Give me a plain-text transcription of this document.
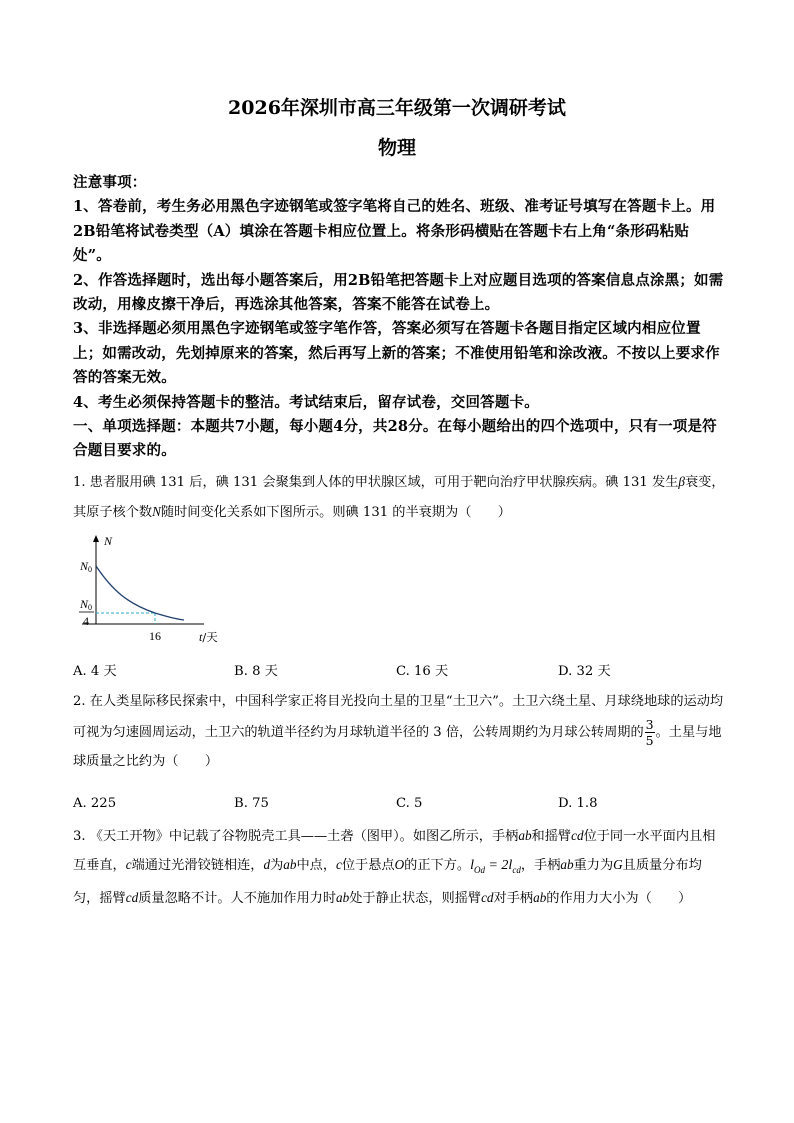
2026年深圳市高三年级第一次调研考试
物理

注意事项：

1、答卷前，考生务必用黑色字迹钢笔或签字笔将自己的姓名、班级、准考证号填写在答题卡上。用2B铅笔将试卷类型（A）填涂在答题卡相应位置上。将条形码横贴在答题卡右上角“条形码粘贴处”。

2、作答选择题时，选出每小题答案后，用2B铅笔把答题卡上对应题目选项的答案信息点涂黑；如需改动，用橡皮擦干净后，再选涂其他答案，答案不能答在试卷上。

3、非选择题必须用黑色字迹钢笔或签字笔作答，答案必须写在答题卡各题目指定区域内相应位置上；如需改动，先划掉原来的答案，然后再写上新的答案；不准使用铅笔和涂改液。不按以上要求作答的答案无效。

4、考生必须保持答题卡的整洁。考试结束后，留存试卷，交回答题卡。

一、单项选择题：本题共7小题，每小题4分，共28分。在每小题给出的四个选项中，只有一项是符合题目要求的。

1. 患者服用碘 131 后，碘 131 会聚集到人体的甲状腺区域，可用于靶向治疗甲状腺疾病。碘 131 发生β衰变，其原子核个数N随时间变化关系如下图所示。则碘 131 的半衰期为（　　）

N
N0
N0
4
16	t/天
A. 4 天	B. 8 天	C. 16 天	D. 32 天

2. 在人类星际移民探索中，中国科学家正将目光投向土星的卫星“土卫六”。土卫六绕土星、月球绕地球的运动均可视为匀速圆周运动，土卫六的轨道半径约为月球轨道半径的 3 倍，公转周期约为月球公转周期的 $\frac{3}{5}$ 。土星与地球质量之比约为（　　）

A. 225	B. 75	C. 5	D. 1.8

3. 《天工开物》中记载了谷物脱壳工具——土砻（图甲）。如图乙所示，手柄ab和摇臂cd位于同一水平面内且相互垂直，c端通过光滑铰链相连，d为ab中点，c位于悬点O的正下方。$l_{Od} = 2l_{cd}$，手柄ab重力为G且质量分布均匀，摇臂cd质量忽略不计。人不施加作用力时ab处于静止状态，则摇臂cd对手柄ab的作用力大小为（　　）
